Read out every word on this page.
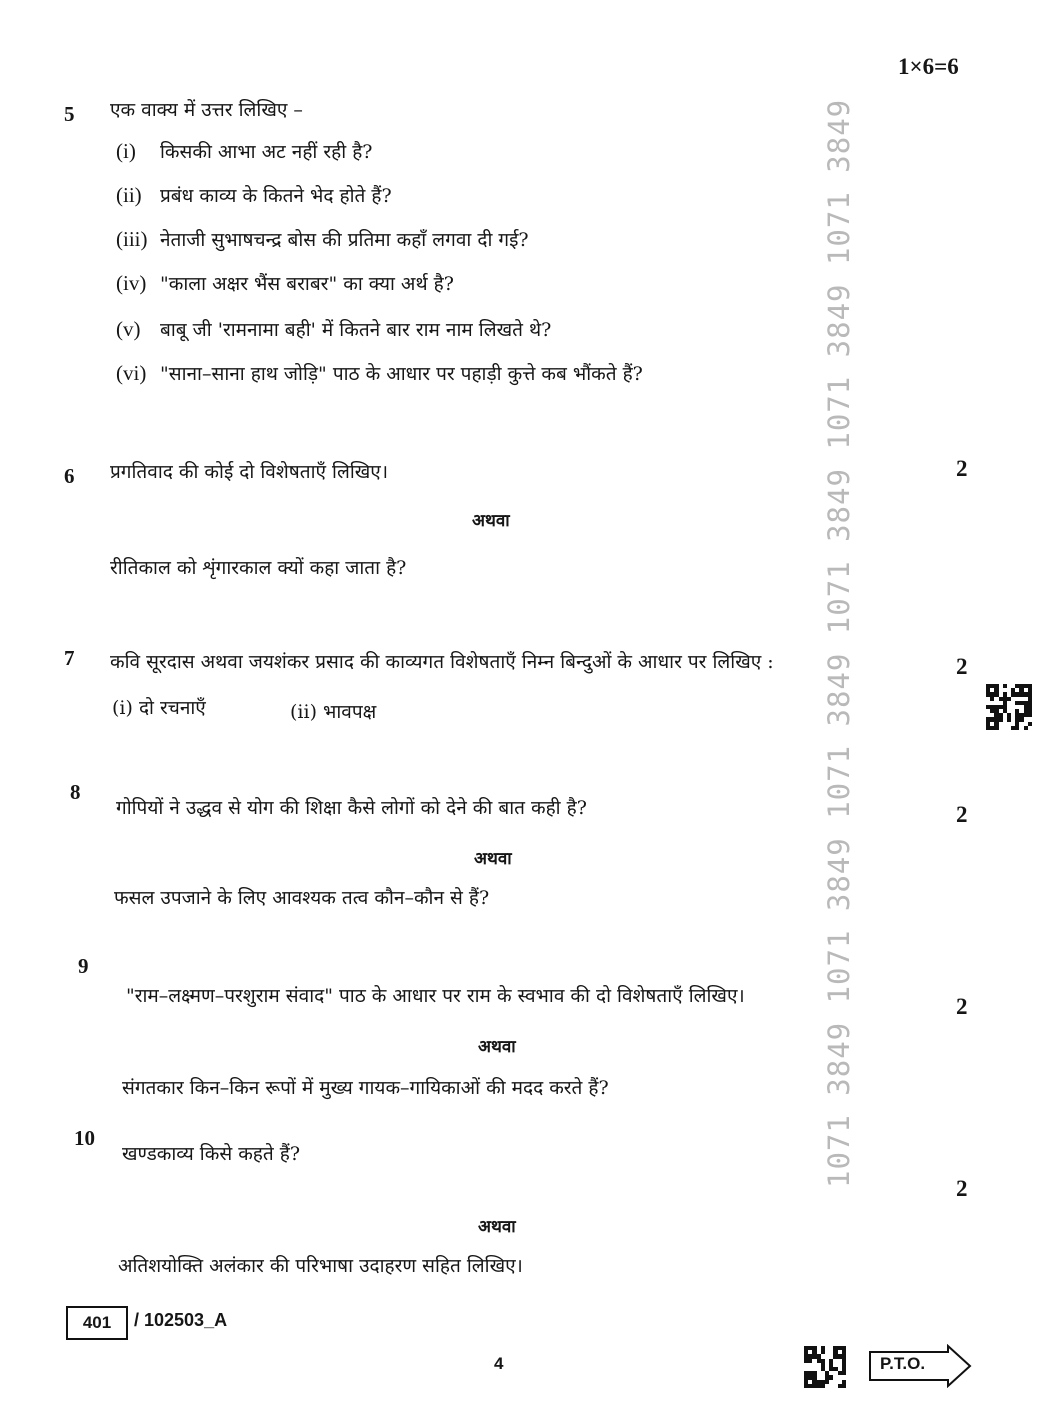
1×6=6
1071 3849 1071 3849 1071 3849 1071 3849 1071 3849 1071 3849
5 एक वाक्य में उत्तर लिखिए –
(i) किसकी आभा अट नहीं रही है?
(ii) प्रबंध काव्य के कितने भेद होते हैं?
(iii) नेताजी सुभाषचन्द्र बोस की प्रतिमा कहाँ लगवा दी गई?
(iv) "काला अक्षर भैंस बराबर" का क्या अर्थ है?
(v) बाबू जी 'रामनामा बही' में कितने बार राम नाम लिखते थे?
(vi) "साना–साना हाथ जोड़ि" पाठ के आधार पर पहाड़ी कुत्ते कब भौंकते हैं?
6 प्रगतिवाद की कोई दो विशेषताएँ लिखिए।	2
अथवा
रीतिकाल को शृंगारकाल क्यों कहा जाता है?
7 कवि सूरदास अथवा जयशंकर प्रसाद की काव्यगत विशेषताएँ निम्न बिन्दुओं के आधार पर लिखिए :	2
(i) दो रचनाएँ	(ii) भावपक्ष
8
गोपियों ने उद्धव से योग की शिक्षा कैसे लोगों को देने की बात कही है?	2
अथवा
फसल उपजाने के लिए आवश्यक तत्व कौन–कौन से हैं?
9
"राम–लक्ष्मण–परशुराम संवाद" पाठ के आधार पर राम के स्वभाव की दो विशेषताएँ लिखिए।	2
अथवा
संगतकार किन–किन रूपों में मुख्य गायक–गायिकाओं की मदद करते हैं?
10
खण्डकाव्य किसे कहते हैं?
2
अथवा
अतिशयोक्ति अलंकार की परिभाषा उदाहरण सहित लिखिए।
401	/ 102503_A
4	P.T.O.
